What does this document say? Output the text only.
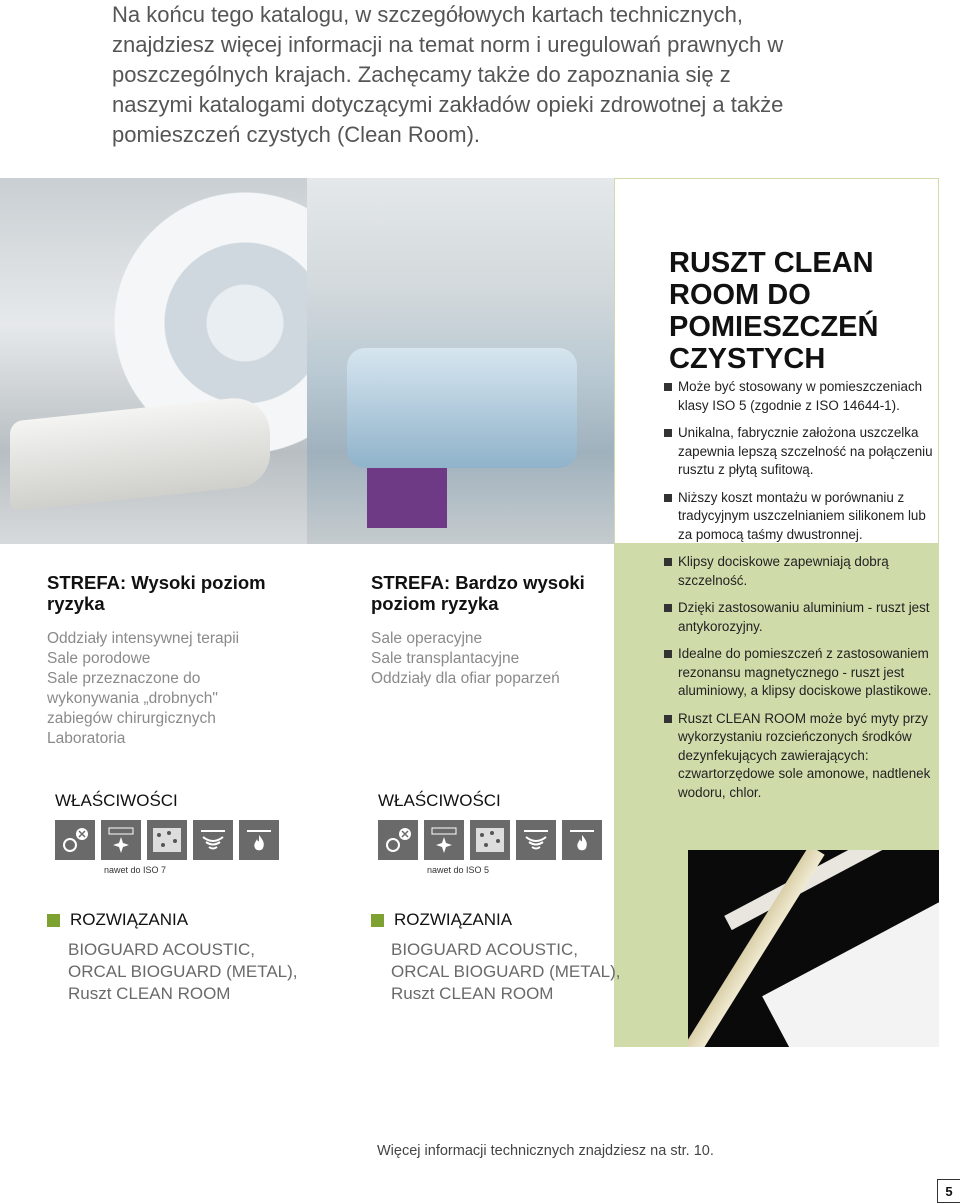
Na końcu tego katalogu, w szczegółowych kartach technicznych, znajdziesz więcej informacji na temat norm i uregulowań prawnych w poszczególnych krajach. Zachęcamy także do zapoznania się z naszymi katalogami dotyczącymi zakładów opieki zdrowotnej a także pomieszczeń czystych (Clean Room).

RUSZT CLEAN ROOM DO POMIESZCZEŃ CZYSTYCH
Może być stosowany w pomieszczeniach klasy ISO 5 (zgodnie z ISO 14644-1).
Unikalna, fabrycznie założona uszczelka zapewnia lepszą szczelność na połączeniu rusztu z płytą sufitową.
Niższy koszt montażu w porównaniu z tradycyjnym uszczelnianiem silikonem lub za pomocą taśmy dwustronnej.
Klipsy dociskowe zapewniają dobrą szczelność.
Dzięki zastosowaniu aluminium - ruszt jest antykorozyjny.
Idealne do pomieszczeń z zastosowaniem rezonansu magnetycznego - ruszt jest aluminiowy, a klipsy dociskowe plastikowe.
Ruszt CLEAN ROOM może być myty przy wykorzystaniu rozcieńczonych środków dezynfekujących zawierających: czwartorzędowe sole amonowe, nadtlenek wodoru, chlor.
STREFA: Wysoki poziom ryzyka

Oddziały intensywnej terapii
Sale porodowe
Sale przeznaczone do
wykonywania „drobnych"
zabiegów chirurgicznych
Laboratoria

WŁAŚCIWOŚCI
nawet do ISO 7
ROZWIĄZANIA

BIOGUARD ACOUSTIC,
ORCAL BIOGUARD (METAL),
Ruszt CLEAN ROOM

STREFA: Bardzo wysoki poziom ryzyka

Sale operacyjne
Sale transplantacyjne
Oddziały dla ofiar poparzeń

WŁAŚCIWOŚCI
nawet do ISO 5
ROZWIĄZANIA

BIOGUARD ACOUSTIC,
ORCAL BIOGUARD (METAL),
Ruszt CLEAN ROOM

Więcej informacji technicznych znajdziesz na str. 10.
5
